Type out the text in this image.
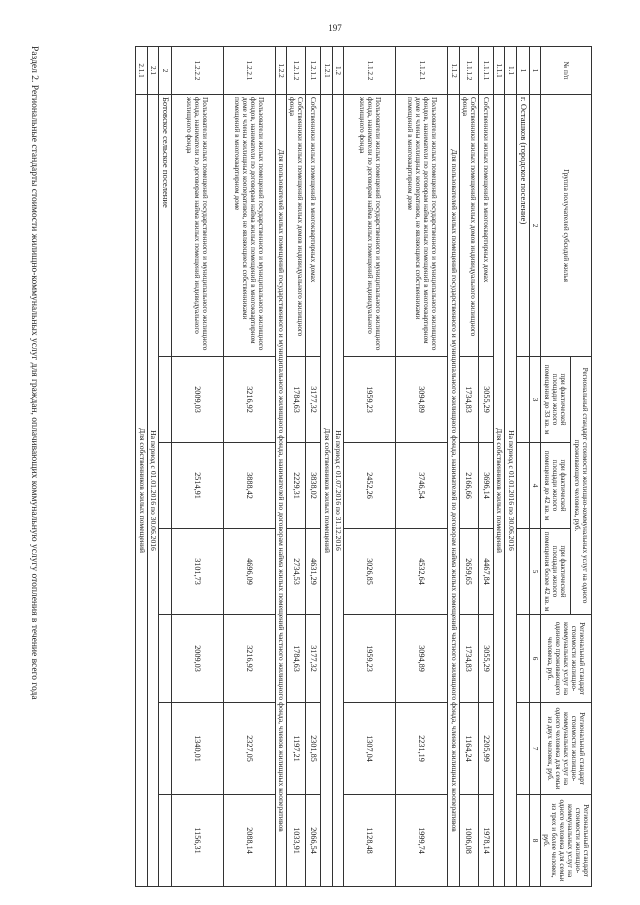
197
Раздел 2. Региональные стандарты стоимости жилищно-коммунальных услуг для граждан, оплачивающих коммунальную услугу отопления в течение всего года	№ п/п	Группа получателей субсидий жилья	Региональный стандарт стоимости жилищно-коммунальных услуг на одного проживающего человека, руб.			Региональный стандарт стоимости жилищно-коммунальных услуг на одиноко проживающего человека, руб.	Региональный стандарт стоимости жилищно-коммунальных услуг на одного человека для семьи из двух человек, руб.	Региональный стандарт стоимости жилищно-коммунальных услуг на одного человека для семьи из трех и более человек, руб.
		при фактической площади жилого помещения до 33 кв. м	при фактической площади жилого помещения до 42 кв. м	при фактической площади жилого помещения более 42 кв. м			
1	2	3	4	5	6	7	8
1	г. Осташков (городское поселение)						
1.1	На период с 01.01.2016 по 30.06.2016						
1.1.1	Для собственников жилых помещений						
1.1.1.1	Собственники жилых помещений в многоквартирных домах	3055,29	3696,14	4467,84	3055,29	2205,99	1978,14
1.1.1.2	Собственники жилых помещений жилых домов индивидуального жилищного фонда	1734,83	2166,66	2659,65	1734,83	1164,24	1006,08
1.1.2	Для пользователей жилых помещений государственного и муниципального жилищного фонда, нанимателей по договорам найма жилых помещений частного жилищного фонда, членов жилищных кооперативов						
1.1.2.1	Пользователи жилых помещений государственного и муниципального жилищного фондов, наниматели по договорам найма жилых помещений в многоквартирном доме и члены жилищных кооперативов, не являющиеся собственниками помещений в многоквартирном доме	3094,89	3746,54	4532,64	3094,89	2231,19	1999,74
1.1.2.2	Пользователи жилых помещений государственного и муниципального жилищного фонда, наниматели по договорам найма жилых помещений индивидуального жилищного фонда	1959,23	2452,26	3026,85	1959,23	1307,04	1128,48
1.2	На период с 01.07.2016 по 31.12.2016						
1.2.1	Для собственников жилых помещений						
1.2.1.1	Собственники жилых помещений в многоквартирных домах	3177,32	3838,02	4631,29	3177,32	2301,85	2066,54
1.2.1.2	Собственники жилых помещений жилых домов индивидуального жилищного фонда	1784,63	2229,31	2734,53	1784,63	1197,21	1033,91
1.2.2	Для пользователей жилых помещений государственного и муниципального жилищного фонда, нанимателей по договорам найма жилых помещений частного жилищного фонда, членов жилищных кооперативов						
1.2.2.1	Пользователи жилых помещений государственного и муниципального жилищного фондов, наниматели по договорам найма жилых помещений в многоквартирном доме и члены жилищных кооперативов, не являющиеся собственниками помещений в многоквартирном доме	3216,92	3888,42	4696,09	3216,92	2327,05	2088,14
1.2.2.2	Пользователи жилых помещений государственного и муниципального жилищного фонда, наниматели по договорам найма жилых помещений индивидуального жилищного фонда	2009,03	2514,91	3101,73	2009,03	1340,01	1156,31
2	Ботовское сельское поселение						
2.1	На период с 01.01.2016 по 30.06.2016						
2.1.1	Для собственников жилых помещений						
